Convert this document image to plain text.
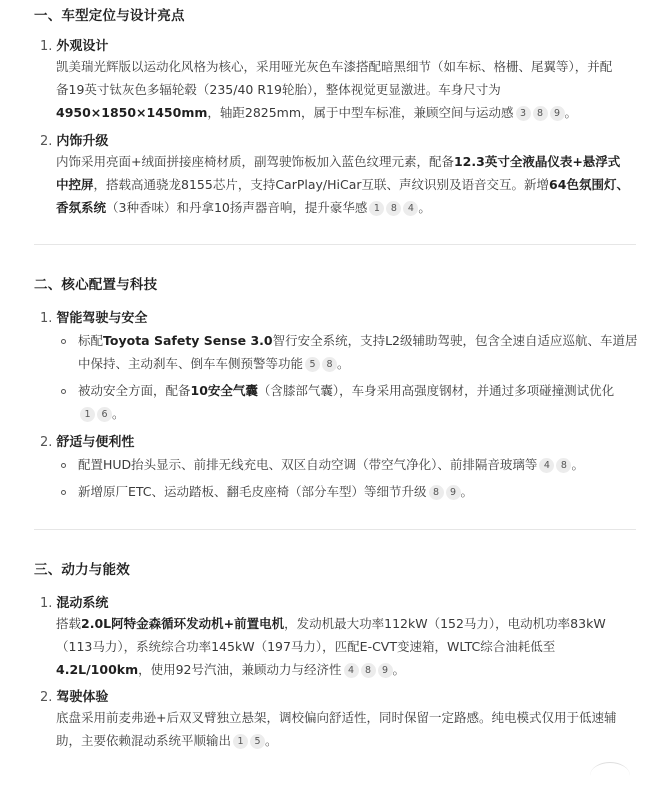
一、车型定位与设计亮点
1. 外观设计
凯美瑞光辉版以运动化风格为核心，采用哑光灰色车漆搭配暗黑细节（如车标、格栅、尾翼等），并配
备19英寸钛灰色多辐轮毂（235/40 R19轮胎），整体视觉更显激进。车身尺寸为
4950×1850×1450mm，轴距2825mm，属于中型车标准，兼顾空间与运动感 3 8 9 。
2. 内饰升级
内饰采用亮面+绒面拼接座椅材质，副驾驶饰板加入蓝色纹理元素，配备12.3英寸全液晶仪表+悬浮式
中控屏，搭载高通骁龙8155芯片，支持CarPlay/HiCar互联、声纹识别及语音交互。新增64色氛围灯、
香氛系统（3种香味）和丹拿10扬声器音响，提升豪华感 1 8 4 。
二、核心配置与科技
1. 智能驾驶与安全
标配Toyota Safety Sense 3.0智行安全系统，支持L2级辅助驾驶，包含全速自适应巡航、车道居
中保持、主动刹车、倒车车侧预警等功能 5 8 。
被动安全方面，配备10安全气囊（含膝部气囊），车身采用高强度钢材，并通过多项碰撞测试优化
1 6 。
2. 舒适与便利性
配置HUD抬头显示、前排无线充电、双区自动空调（带空气净化）、前排隔音玻璃等 4 8 。
新增原厂ETC、运动踏板、翻毛皮座椅（部分车型）等细节升级 8 9 。
三、动力与能效
1. 混动系统
搭载2.0L阿特金森循环发动机+前置电机，发动机最大功率112kW（152马力），电动机功率83kW
（113马力），系统综合功率145kW（197马力），匹配E-CVT变速箱，WLTC综合油耗低至
4.2L/100km，使用92号汽油，兼顾动力与经济性 4 8 9 。
2. 驾驶体验
底盘采用前麦弗逊+后双叉臂独立悬架，调校偏向舒适性，同时保留一定路感。纯电模式仅用于低速辅
助，主要依赖混动系统平顺输出 1 5 。
